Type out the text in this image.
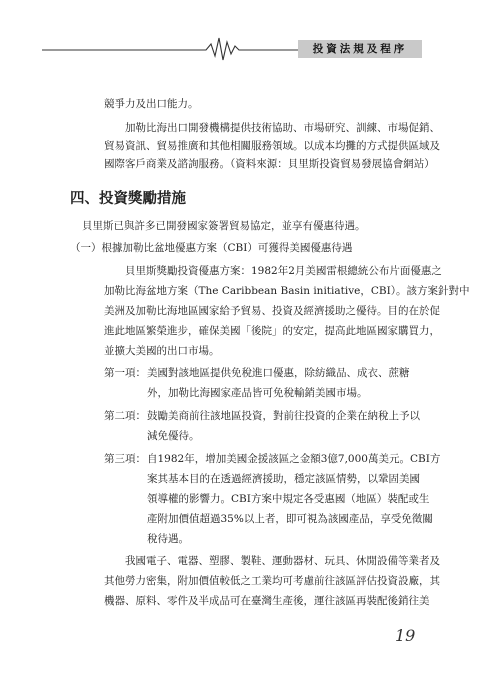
投資法規及程序
競爭力及出口能力。
加勒比海出口開發機構提供技術協助、市場研究、訓練、市場促銷、
貿易資訊、貿易推廣和其他相關服務領域。以成本均攤的方式提供區域及
國際客戶商業及諮詢服務。（資料來源：貝里斯投資貿易發展協會網站）
四、投資獎勵措施
貝里斯已與許多已開發國家簽署貿易協定，並享有優惠待遇。
（一）根據加勒比盆地優惠方案（CBI）可獲得美國優惠待遇
貝里斯獎勵投資優惠方案：1982年2月美國雷根總統公布片面優惠之
加勒比海盆地方案（The Caribbean Basin initiative，CBI）。該方案針對中
美洲及加勒比海地區國家給予貿易、投資及經濟援助之優待。目的在於促
進此地區繁榮進步，確保美國「後院」的安定，提高此地區國家購買力，
並擴大美國的出口市場。
第一項： 美國對該地區提供免稅進口優惠，除紡織品、成衣、蔗糖
外，加勒比海國家產品皆可免稅輸銷美國市場。
第二項： 鼓勵美商前往該地區投資，對前往投資的企業在納稅上予以
減免優待。
第三項： 自1982年，增加美國金援該區之金額3億7,000萬美元。CBI方
案其基本目的在透過經濟援助，穩定該區情勢，以鞏固美國
領導權的影響力。CBI方案中規定各受惠國（地區）裝配或生
產附加價值超過35%以上者，即可視為該國產品，享受免徵關
稅待遇。
我國電子、電器、塑膠、製鞋、運動器材、玩具、休閒設備等業者及
其他勞力密集，附加價值較低之工業均可考慮前往該區評估投資設廠，其
機器、原料、零件及半成品可在臺灣生產後，運往該區再裝配後銷往美
19
